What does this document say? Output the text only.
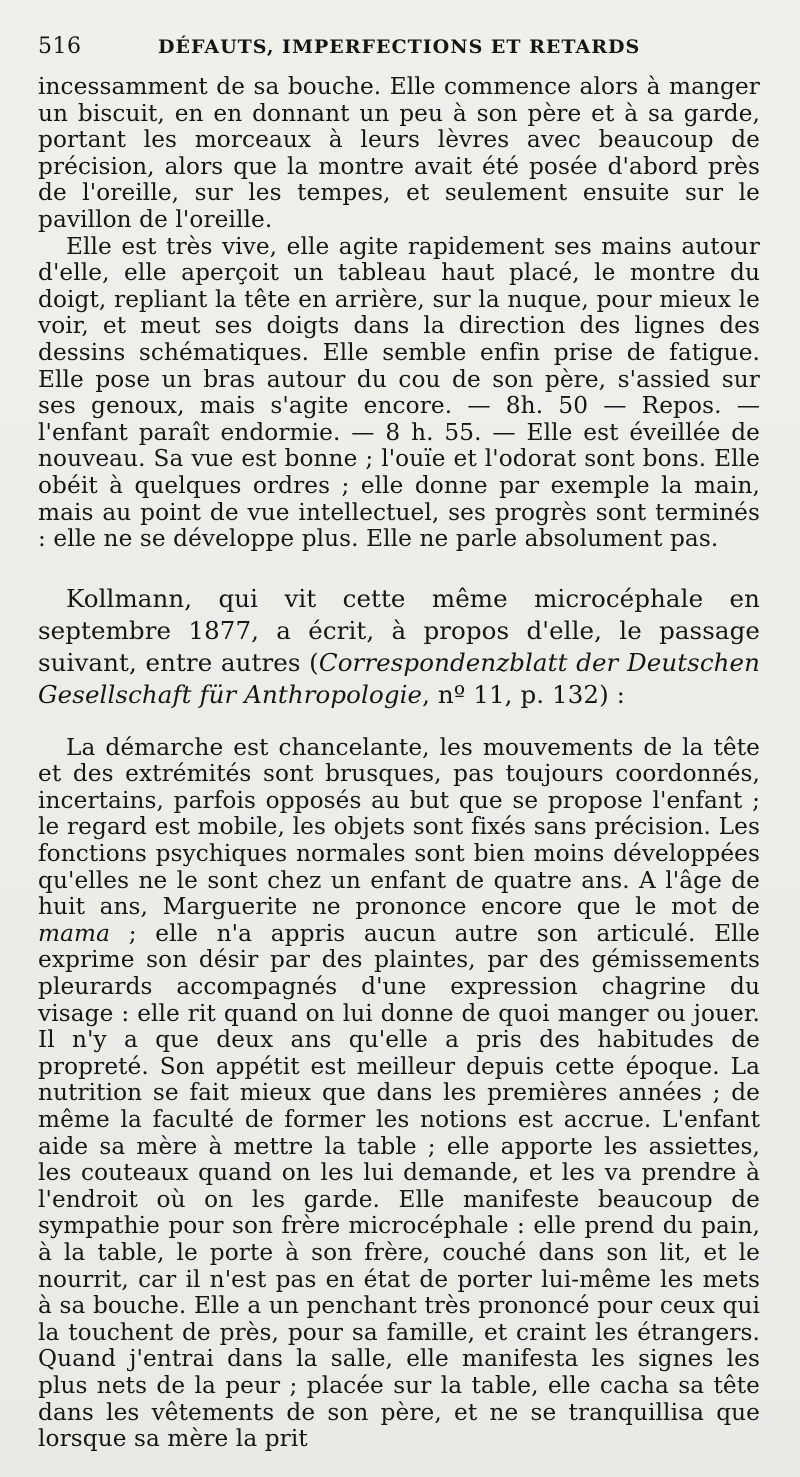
516	DÉFAUTS, IMPERFECTIONS ET RETARDS

incessamment de sa bouche. Elle commence alors à manger un biscuit, en en donnant un peu à son père et à sa garde, portant les morceaux à leurs lèvres avec beaucoup de précision, alors que la montre avait été posée d'abord près de l'oreille, sur les tempes, et seulement ensuite sur le pavillon de l'oreille.

Elle est très vive, elle agite rapidement ses mains autour d'elle, elle aperçoit un tableau haut placé, le montre du doigt, repliant la tête en arrière, sur la nuque, pour mieux le voir, et meut ses doigts dans la direction des lignes des dessins schématiques. Elle semble enfin prise de fatigue. Elle pose un bras autour du cou de son père, s'assied sur ses genoux, mais s'agite encore. — 8h. 50 — Repos. — l'enfant paraît endormie. — 8 h. 55. — Elle est éveillée de nouveau. Sa vue est bonne ; l'ouïe et l'odorat sont bons. Elle obéit à quelques ordres ; elle donne par exemple la main, mais au point de vue intellectuel, ses progrès sont terminés : elle ne se développe plus. Elle ne parle absolument pas.

Kollmann, qui vit cette même microcéphale en septembre 1877, a écrit, à propos d'elle, le passage suivant, entre autres (Correspondenzblatt der Deutschen Gesellschaft für Anthropologie, nº 11, p. 132) :

La démarche est chancelante, les mouvements de la tête et des extrémités sont brusques, pas toujours coordonnés, incertains, parfois opposés au but que se propose l'enfant ; le regard est mobile, les objets sont fixés sans précision. Les fonctions psychiques normales sont bien moins développées qu'elles ne le sont chez un enfant de quatre ans. A l'âge de huit ans, Marguerite ne prononce encore que le mot de mama ; elle n'a appris aucun autre son articulé. Elle exprime son désir par des plaintes, par des gémissements pleurards accompagnés d'une expression chagrine du visage : elle rit quand on lui donne de quoi manger ou jouer. Il n'y a que deux ans qu'elle a pris des habitudes de propreté. Son appétit est meilleur depuis cette époque. La nutrition se fait mieux que dans les premières années ; de même la faculté de former les notions est accrue. L'enfant aide sa mère à mettre la table ; elle apporte les assiettes, les couteaux quand on les lui demande, et les va prendre à l'endroit où on les garde. Elle manifeste beaucoup de sympathie pour son frère microcéphale : elle prend du pain, à la table, le porte à son frère, couché dans son lit, et le nourrit, car il n'est pas en état de porter lui-même les mets à sa bouche. Elle a un penchant très prononcé pour ceux qui la touchent de près, pour sa famille, et craint les étrangers. Quand j'entrai dans la salle, elle manifesta les signes les plus nets de la peur ; placée sur la table, elle cacha sa tête dans les vêtements de son père, et ne se tranquillisa que lorsque sa mère la prit
